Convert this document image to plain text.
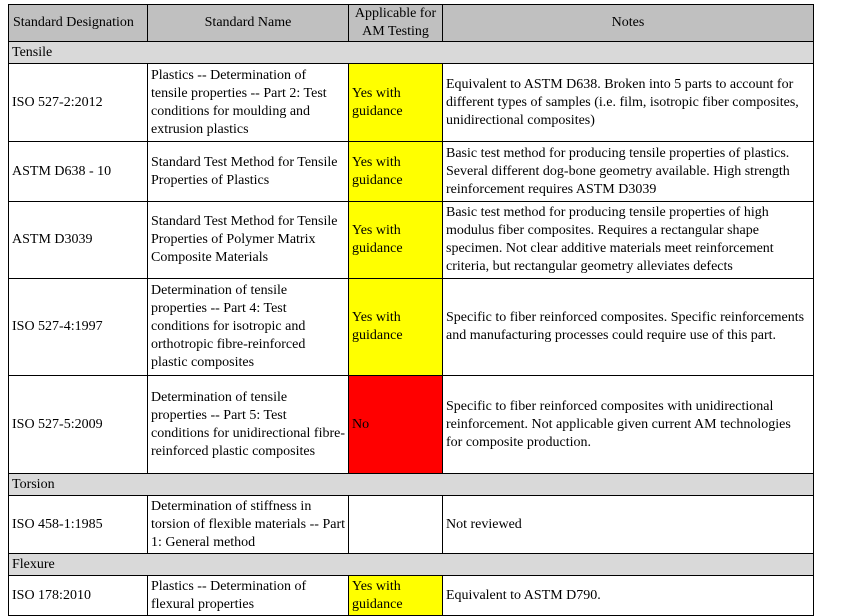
Standard Designation	Standard Name	Applicable for AM Testing	Notes
Tensile			
ISO 527-2:2012	Plastics -- Determination of tensile properties -- Part 2: Test conditions for moulding and extrusion plastics	Yes with guidance	Equivalent to ASTM D638. Broken into 5 parts to account for different types of samples (i.e. film, isotropic fiber composites, unidirectional composites)
ASTM D638 - 10	Standard Test Method for Tensile Properties of Plastics	Yes with guidance	Basic test method for producing tensile properties of plastics. Several different dog-bone geometry available. High strength reinforcement requires ASTM D3039
ASTM D3039	Standard Test Method for Tensile Properties of Polymer Matrix Composite Materials	Yes with guidance	Basic test method for producing tensile properties of high modulus fiber composites. Requires a rectangular shape specimen. Not clear additive materials meet reinforcement criteria, but rectangular geometry alleviates defects
ISO 527-4:1997	Determination of tensile properties -- Part 4: Test conditions for isotropic and orthotropic fibre-reinforced plastic composites	Yes with guidance	Specific to fiber reinforced composites. Specific reinforcements and manufacturing processes could require use of this part.
ISO 527-5:2009	Determination of tensile properties -- Part 5: Test conditions for unidirectional fibre-reinforced plastic composites	No	Specific to fiber reinforced composites with unidirectional reinforcement. Not applicable given current AM technologies for composite production.
Torsion			
ISO 458-1:1985	Determination of stiffness in torsion of flexible materials -- Part 1: General method		Not reviewed
Flexure			
ISO 178:2010	Plastics -- Determination of flexural properties	Yes with guidance	Equivalent to ASTM D790.
